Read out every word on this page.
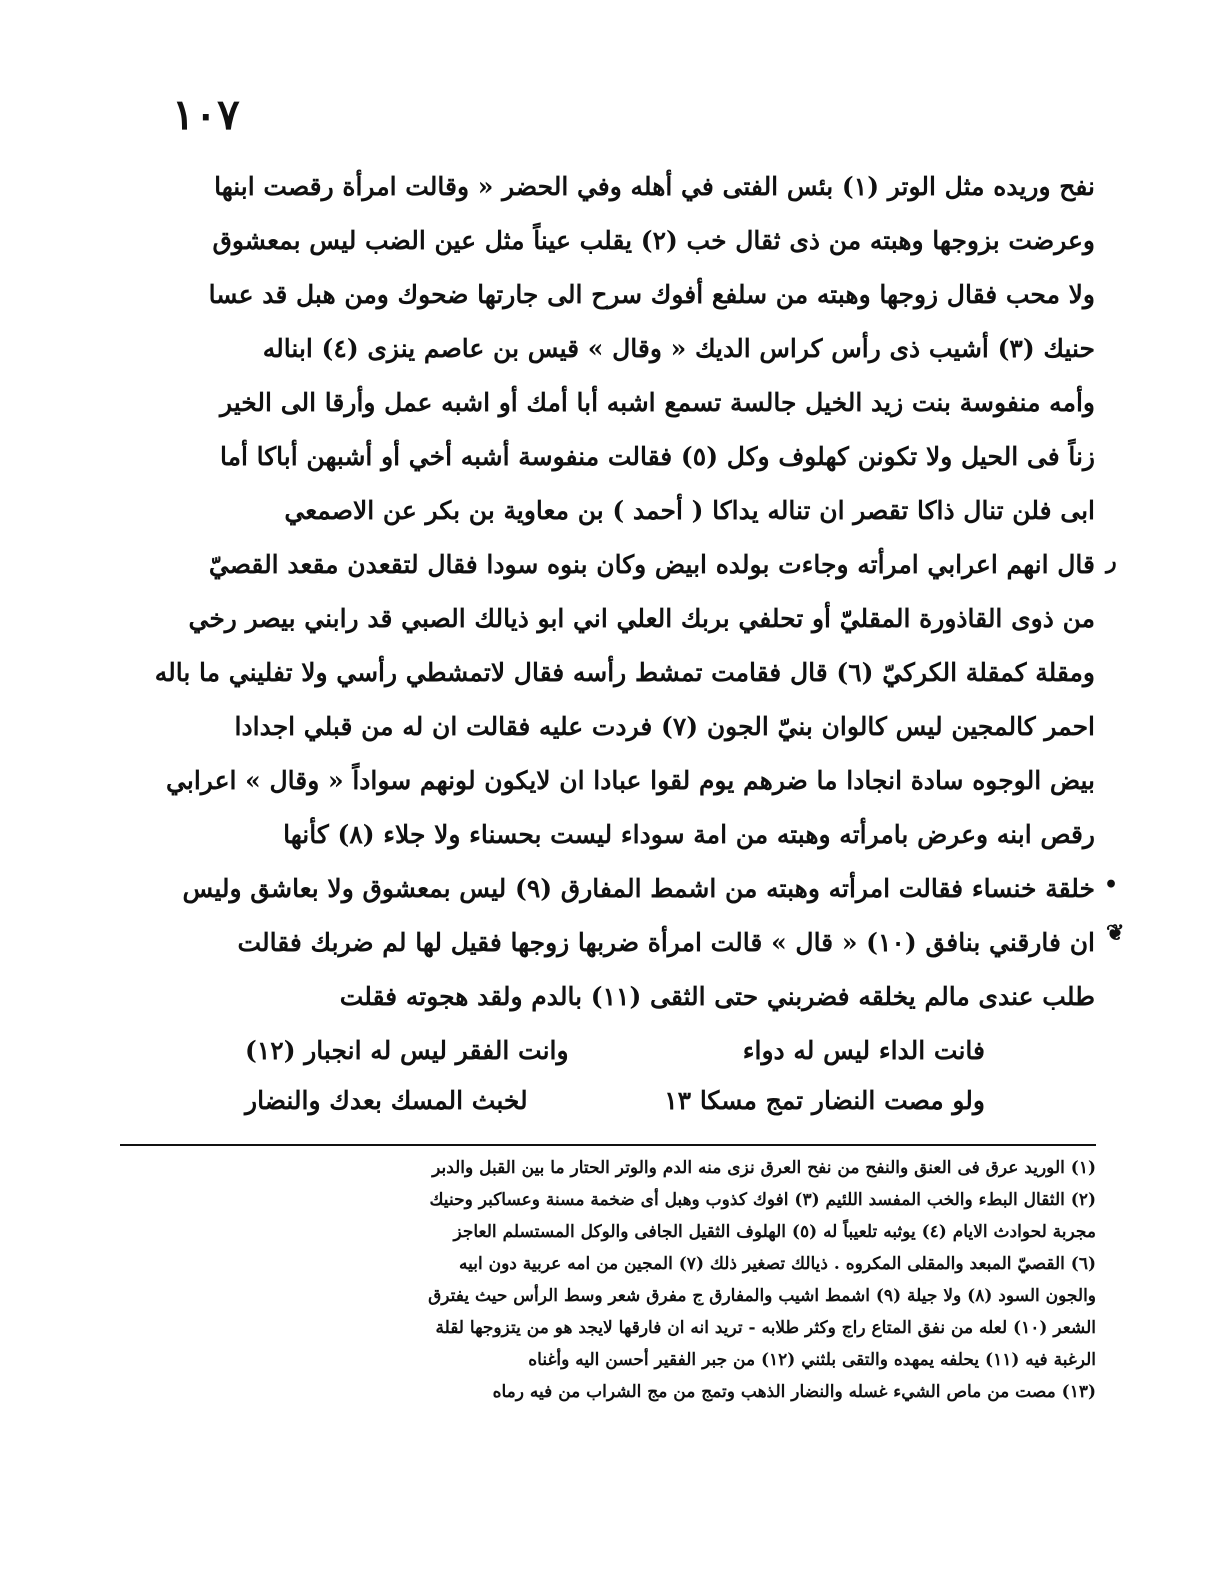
١٠٧
ر
•
❦
نفح وريده مثل الوتر (١) بئس الفتى في أهله وفي الحضر « وقالت امرأة رقصت ابنها
وعرضت بزوجها وهبته من ذى ثقال خب (٢) يقلب عيناً مثل عين الضب ليس بمعشوق
ولا محب فقال زوجها وهبته من سلفع أفوك سرح الى جارتها ضحوك ومن هبل قد عسا
حنيك (٣) أشيب ذى رأس كراس الديك « وقال » قيس بن عاصم ينزى (٤) ابناله
وأمه منفوسة بنت زيد الخيل جالسة تسمع اشبه أبا أمك أو اشبه عمل وأرقا الى الخير
زناً فى الحيل ولا تكونن كهلوف وكل (٥) فقالت منفوسة أشبه أخي أو أشبهن أباكا أما
ابى فلن تنال ذاكا تقصر ان تناله يداكا ( أحمد ) بن معاوية بن بكر عن الاصمعي
قال انهم اعرابي امرأته وجاءت بولده ابيض وكان بنوه سودا فقال لتقعدن مقعد القصيّ
من ذوى القاذورة المقليّ أو تحلفي بربك العلي اني ابو ذيالك الصبي قد رابني بيصر رخي
ومقلة كمقلة الكركيّ (٦) قال فقامت تمشط رأسه فقال لاتمشطي رأسي ولا تفليني ما باله
احمر كالمجين ليس كالوان بنيّ الجون (٧) فردت عليه فقالت ان له من قبلي اجدادا
بيض الوجوه سادة انجادا ما ضرهم يوم لقوا عبادا ان لايكون لونهم سواداً « وقال » اعرابي
رقص ابنه وعرض بامرأته وهبته من امة سوداء ليست بحسناء ولا جلاء (٨) كأنها
خلقة خنساء فقالت امرأته وهبته من اشمط المفارق (٩) ليس بمعشوق ولا بعاشق وليس
ان فارقني بنافق (١٠) « قال » قالت امرأة ضربها زوجها فقيل لها لم ضربك فقالت
طلب عندى مالم يخلقه فضربني حتى الثقى (١١) بالدم ولقد هجوته فقلت
فانت الداء ليس له دواء
وانت الفقر ليس له انجبار (١٢)
ولو مصت النضار تمج مسكا ١٣
لخبث المسك بعدك والنضار
(١) الوريد عرق فى العنق والنفح من نفح العرق نزى منه الدم والوتر الحتار ما بين القبل والدبر
(٢) الثقال البطء والخب المفسد اللئيم (٣) افوك كذوب وهبل أى ضخمة مسنة وعساكبر وحنيك
مجربة لحوادث الايام (٤) يوثبه تلعيباً له (٥) الهلوف الثقيل الجافى والوكل المستسلم العاجز
(٦) القصيّ المبعد والمقلى المكروه . ذيالك تصغير ذلك (٧) المجين من امه عربية دون ابيه
والجون السود (٨) ولا جيلة (٩) اشمط اشيب والمفارق ج مفرق شعر وسط الرأس حيث يفترق
الشعر (١٠) لعله من نفق المتاع راج وكثر طلابه - تريد انه ان فارقها لايجد هو من يتزوجها لقلة
الرغبة فيه (١١) يحلفه يمهده والتقى بلثني (١٢) من جبر الفقير أحسن اليه وأغناه
(١٣) مصت من ماص الشيء غسله والنضار الذهب وتمج من مج الشراب من فيه رماه
